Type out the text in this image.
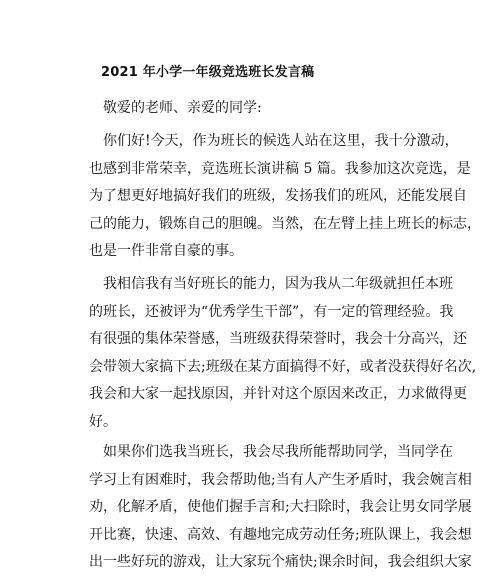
2021 年小学一年级竞选班长发言稿
敬爱的老师、亲爱的同学:
你们好!今天，作为班长的候选人站在这里，我十分激动，
也感到非常荣幸，竞选班长演讲稿 5 篇。我参加这次竞选，是
为了想更好地搞好我们的班级，发扬我们的班风，还能发展自
己的能力，锻炼自己的胆魄。当然，在左臂上挂上班长的标志，
也是一件非常自豪的事。
我相信我有当好班长的能力，因为我从二年级就担任本班
的班长，还被评为“优秀学生干部”，有一定的管理经验。我
有很强的集体荣誉感，当班级获得荣誉时，我会十分高兴，还
会带领大家搞下去;班级在某方面搞得不好，或者没获得好名次,
我会和大家一起找原因，并针对这个原因来改正，力求做得更
好。
如果你们选我当班长，我会尽我所能帮助同学，当同学在
学习上有困难时，我会帮助他;当有人产生矛盾时，我会婉言相
劝，化解矛盾，使他们握手言和;大扫除时，我会让男女同学展
开比赛，快速、高效、有趣地完成劳动任务;班队课上，我会想
出一些好玩的游戏，让大家玩个痛快;课余时间，我会组织大家
